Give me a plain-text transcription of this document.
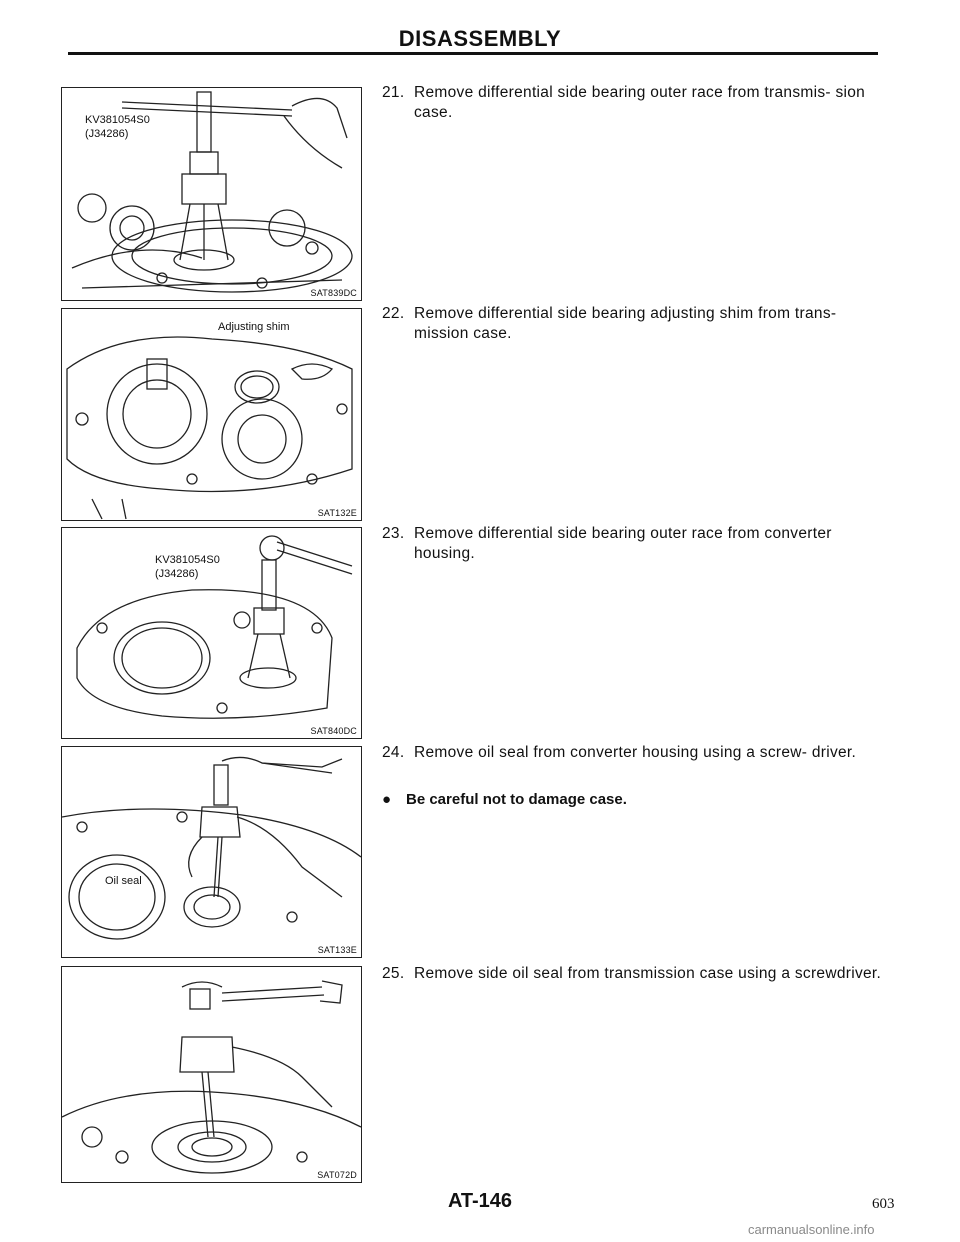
DISASSEMBLY
KV381054S0
(J34286)
SAT839DC
Adjusting shim
SAT132E
KV381054S0
(J34286)
SAT840DC
Oil seal
SAT133E
SAT072D
21. Remove differential side bearing outer race from transmis- sion case.
22. Remove differential side bearing adjusting shim from trans- mission case.
23. Remove differential side bearing outer race from converter housing.
24. Remove oil seal from converter housing using a screw- driver.
● Be careful not to damage case.
25. Remove side oil seal from transmission case using a screwdriver.
AT-146	603
carmanualsonline.info
